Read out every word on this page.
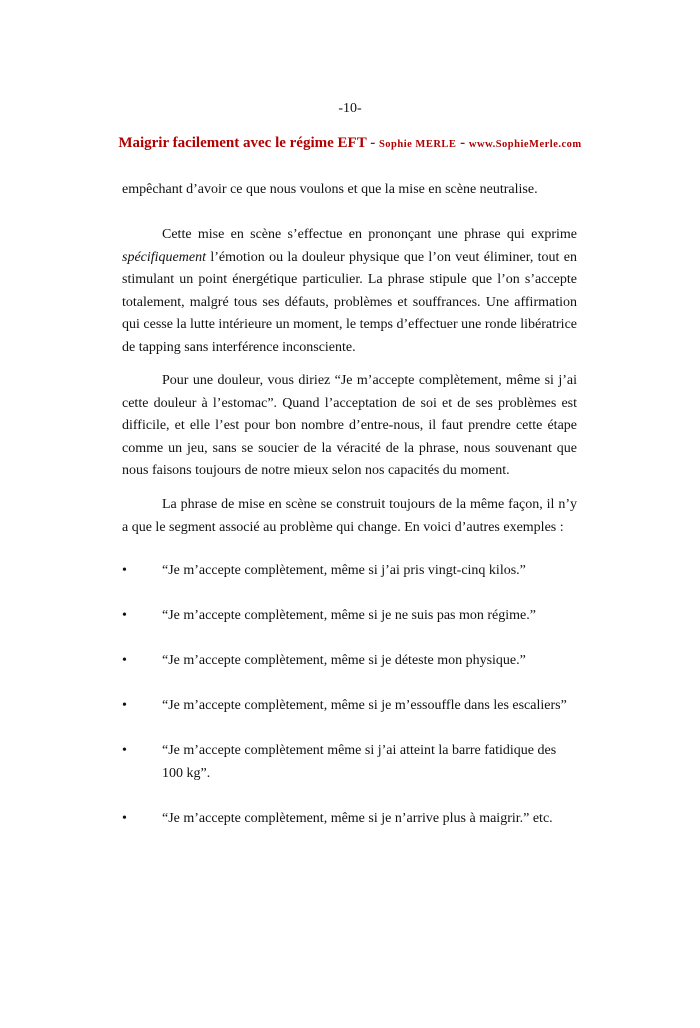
-10-
Maigrir facilement avec le régime EFT - Sophie MERLE - www.SophieMerle.com
empêchant d’avoir ce que nous voulons et que la mise en scène neutralise.
Cette mise en scène s’effectue en prononçant une phrase qui exprime spécifiquement l’émotion ou la douleur physique que l’on veut éliminer, tout en stimulant un point énergétique particulier. La phrase stipule que l’on s’accepte totalement, malgré tous ses défauts, problèmes et souffrances. Une affirmation qui cesse la lutte intérieure un moment, le temps d’effectuer une ronde libératrice de tapping sans interférence inconsciente.
Pour une douleur, vous diriez “Je m’accepte complètement, même si j’ai cette douleur à l’estomac”. Quand l’acceptation de soi et de ses problèmes est difficile, et elle l’est pour bon nombre d’entre-nous, il faut prendre cette étape comme un jeu, sans se soucier de la véracité de la phrase, nous souvenant que nous faisons toujours de notre mieux selon nos capacités du moment.
La phrase de mise en scène se construit toujours de la même façon, il n’y a que le segment associé au problème qui change. En voici d’autres exemples :
•	“Je m’accepte complètement, même si j’ai pris vingt-cinq kilos.”
•	“Je m’accepte complètement, même si je ne suis pas mon régime.”
•	“Je m’accepte complètement, même si je déteste mon physique.”
•	“Je m’accepte complètement, même si je m’essouffle dans les escaliers”
•	“Je m’accepte complètement même si j’ai atteint la barre fatidique des 100 kg”.
•	“Je m’accepte complètement, même si je n’arrive plus à maigrir.” etc.
